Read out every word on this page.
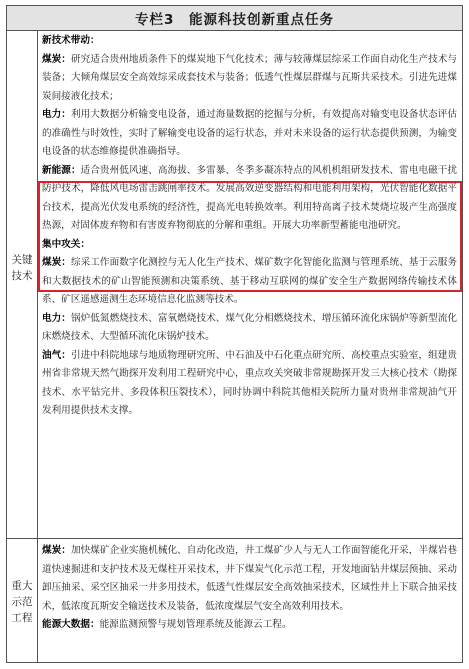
专栏3　能源科技创新重点任务
关键技术
重大示范工程

新技术带动：

煤炭：研究适合贵州地质条件下的煤炭地下气化技术；薄与较薄煤层综采工作面自动化生产技术与装备；大倾角煤层安全高效综采成套技术与装备；低透气性煤层群煤与瓦斯共采技术。引进先进煤炭间接液化技术；

电力：利用大数据分析输变电设备，通过海量数据的挖掘与分析，有效提高对输变电设备状态评估的准确性与时效性，实时了解输变电设备的运行状态，并对未来设备的运行状态提供预测，为输变电设备的状态维修提供准确指导。

新能源：适合贵州低风速、高海拔、多雷暴、冬季多凝冻特点的风机机组研发技术、雷电电磁干扰防护技术，降低风电场雷击跳闸率技术。发展高效逆变器结构和电能利用架构，光伏智能化数据平台技术，提高光伏发电系统的经济性，提高光电转换效率。利用特高离子技术焚烧垃圾产生高强度热源，对固体废弃物和有害废弃物彻底的分解和重组。开展大功率新型蓄能电池研究。

集中攻关：

煤炭：综采工作面数字化测控与无人化生产技术、煤矿数字化智能化监测与管理系统、基于云服务和大数据技术的矿山智能预测和决策系统、基于移动互联网的煤矿安全生产数据网络传输技术体系、矿区遥感遥测生态环境信息化监测等技术。

电力：锅炉低氮燃烧技术、富氧燃烧技术、煤气化分相燃烧技术、增压循环流化床锅炉等新型流化床燃烧技术、大型循环流化床锅炉技术。

油气：引进中科院地球与地质物理研究所、中石油及中石化重点研究所、高校重点实验室，组建贵州省非常规天然气勘探开发利用工程研究中心，重点攻关突破非常规勘探开发三大核心技术（勘探技术、水平钻完井、多段体积压裂技术），同时协调中科院其他相关院所力量对贵州非常规油气开发利用提供技术支撑。

煤炭：加快煤矿企业实施机械化、自动化改造，井工煤矿少人与无人工作面智能化开采，半煤岩巷道快速掘进和支护技术及无煤柱开采技术，井下煤炭气化示范工程，开发地面钻井煤层预抽、采动卸压抽采、采空区抽采一井多用技术，低透气性煤层安全高效抽采技术，区域性井上下联合抽采技术，低浓度瓦斯安全输送技术及装备，低浓度煤层气安全高效利用技术。

能源大数据：能源监测预警与规划管理系统及能源云工程。
